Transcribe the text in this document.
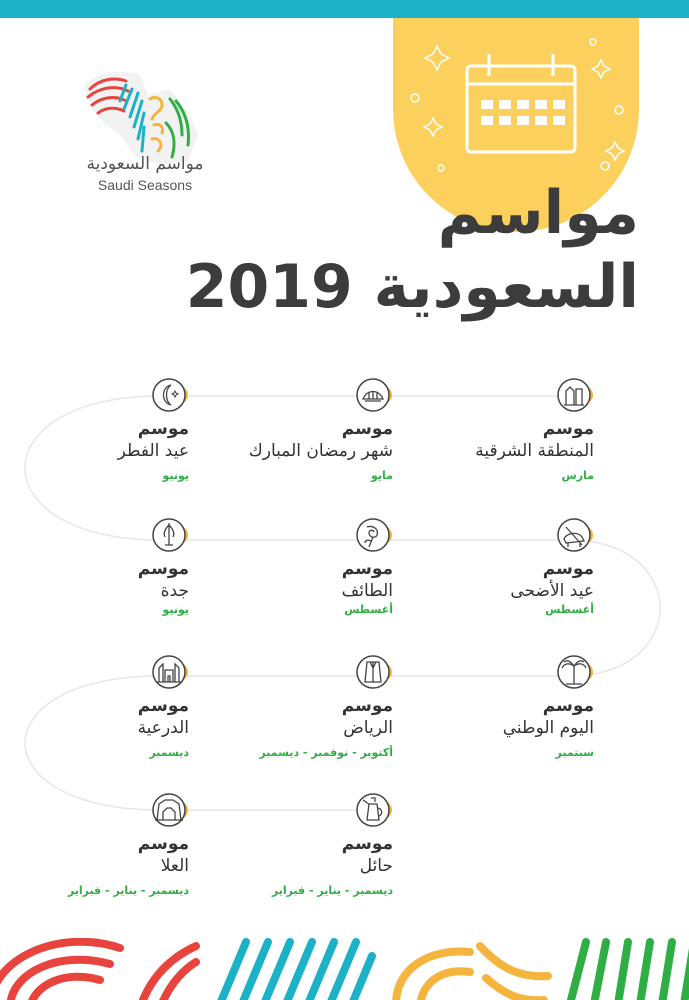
مواسم السعودية
Saudi Seasons	مواسم
السعودية 2019
موسم
المنطقة الشرقية
مارس
موسم
شهر رمضان المبارك
مايو
موسم
عيد الفطر
يونيو
موسم
عيد الأضحى
أغسطس
موسم
الطائف
أغسطس
موسم
جدة
يونيو
موسم
اليوم الوطني
سبتمبر
موسم
الرياض
أكتوبر - نوفمبر - ديسمبر
موسم
الدرعية
ديسمبر
موسم
حائل
ديسمبر - يناير - فبراير
موسم
العلا
ديسمبر - يناير - فبراير
